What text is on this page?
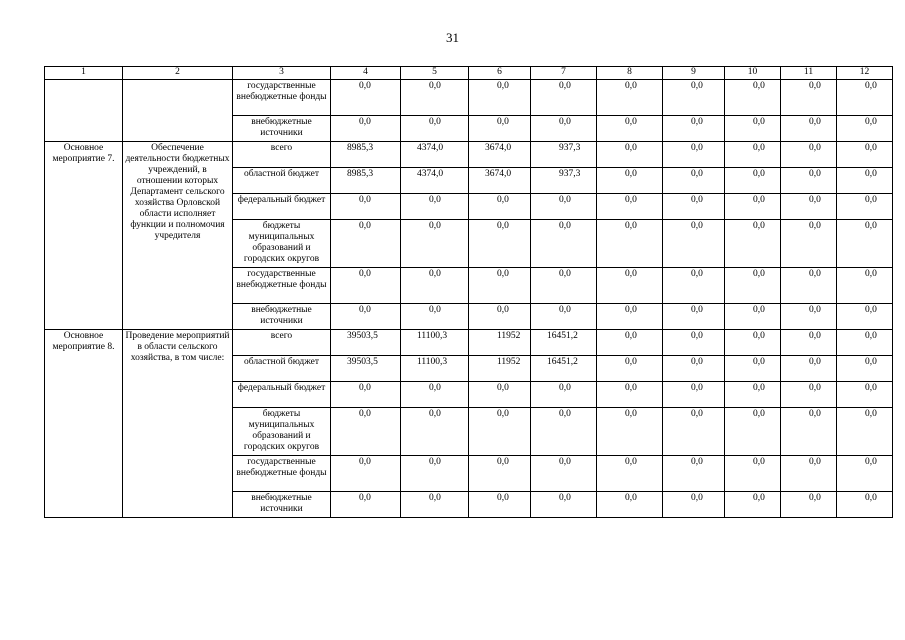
31
1	2	3	4	5	6	7	8	9	10	11	12
		государственные внебюджетные фонды	0,0	0,0	0,0	0,0	0,0	0,0	0,0	0,0	0,0
		внебюджетные источники	0,0	0,0	0,0	0,0	0,0	0,0	0,0	0,0	0,0
Основное мероприятие 7.	Обеспечение деятельности бюджетных учреждений, в отношении которых Департамент сельского хозяйства Орловской области исполняет функции и полномочия учредителя	всего	8985,3	4374,0	3674,0	937,3	0,0	0,0	0,0	0,0	0,0
		областной бюджет	8985,3	4374,0	3674,0	937,3	0,0	0,0	0,0	0,0	0,0
		федеральный бюджет	0,0	0,0	0,0	0,0	0,0	0,0	0,0	0,0	0,0
		бюджеты муниципальных образований и городских округов	0,0	0,0	0,0	0,0	0,0	0,0	0,0	0,0	0,0
		государственные внебюджетные фонды	0,0	0,0	0,0	0,0	0,0	0,0	0,0	0,0	0,0
		внебюджетные источники	0,0	0,0	0,0	0,0	0,0	0,0	0,0	0,0	0,0
Основное мероприятие 8.	Проведение мероприятий в области сельского хозяйства, в том числе:	всего	39503,5	11100,3	11952	16451,2	0,0	0,0	0,0	0,0	0,0
		областной бюджет	39503,5	11100,3	11952	16451,2	0,0	0,0	0,0	0,0	0,0
		федеральный бюджет	0,0	0,0	0,0	0,0	0,0	0,0	0,0	0,0	0,0
		бюджеты муниципальных образований и городских округов	0,0	0,0	0,0	0,0	0,0	0,0	0,0	0,0	0,0
		государственные внебюджетные фонды	0,0	0,0	0,0	0,0	0,0	0,0	0,0	0,0	0,0
		внебюджетные источники	0,0	0,0	0,0	0,0	0,0	0,0	0,0	0,0	0,0
